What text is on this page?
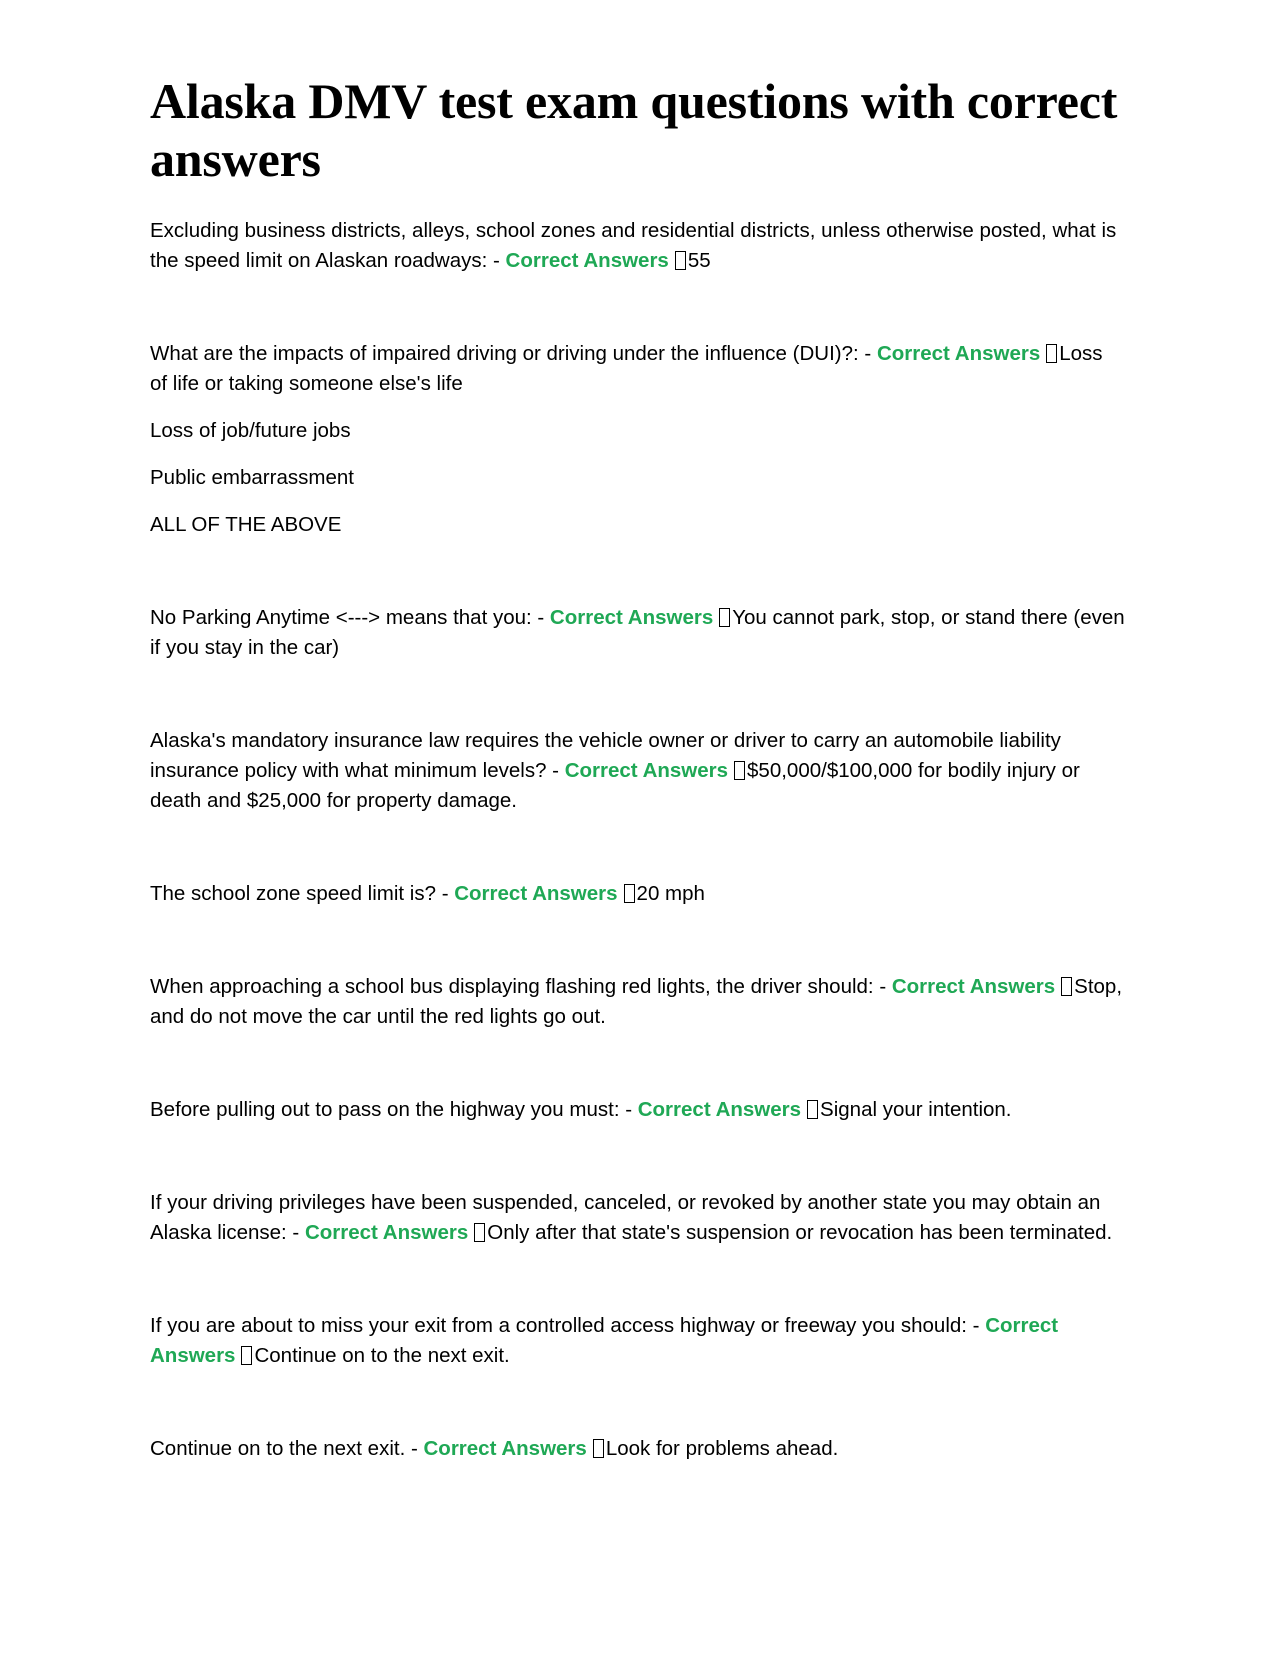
Alaska DMV test exam questions with correct answers

Excluding business districts, alleys, school zones and residential districts, unless otherwise posted, what is the speed limit on Alaskan roadways: - Correct Answers 55

What are the impacts of impaired driving or driving under the influence (DUI)?: - Correct Answers Loss of life or taking someone else's life

Loss of job/future jobs

Public embarrassment

ALL OF THE ABOVE

No Parking Anytime <---> means that you: - Correct Answers You cannot park, stop, or stand there (even if you stay in the car)

Alaska's mandatory insurance law requires the vehicle owner or driver to carry an automobile liability insurance policy with what minimum levels? - Correct Answers $50,000/$100,000 for bodily injury or death and $25,000 for property damage.

The school zone speed limit is? - Correct Answers 20 mph

When approaching a school bus displaying flashing red lights, the driver should: - Correct Answers Stop, and do not move the car until the red lights go out.

Before pulling out to pass on the highway you must: - Correct Answers Signal your intention.

If your driving privileges have been suspended, canceled, or revoked by another state you may obtain an Alaska license: - Correct Answers Only after that state's suspension or revocation has been terminated.

If you are about to miss your exit from a controlled access highway or freeway you should: - Correct Answers Continue on to the next exit.

Continue on to the next exit. - Correct Answers Look for problems ahead.
